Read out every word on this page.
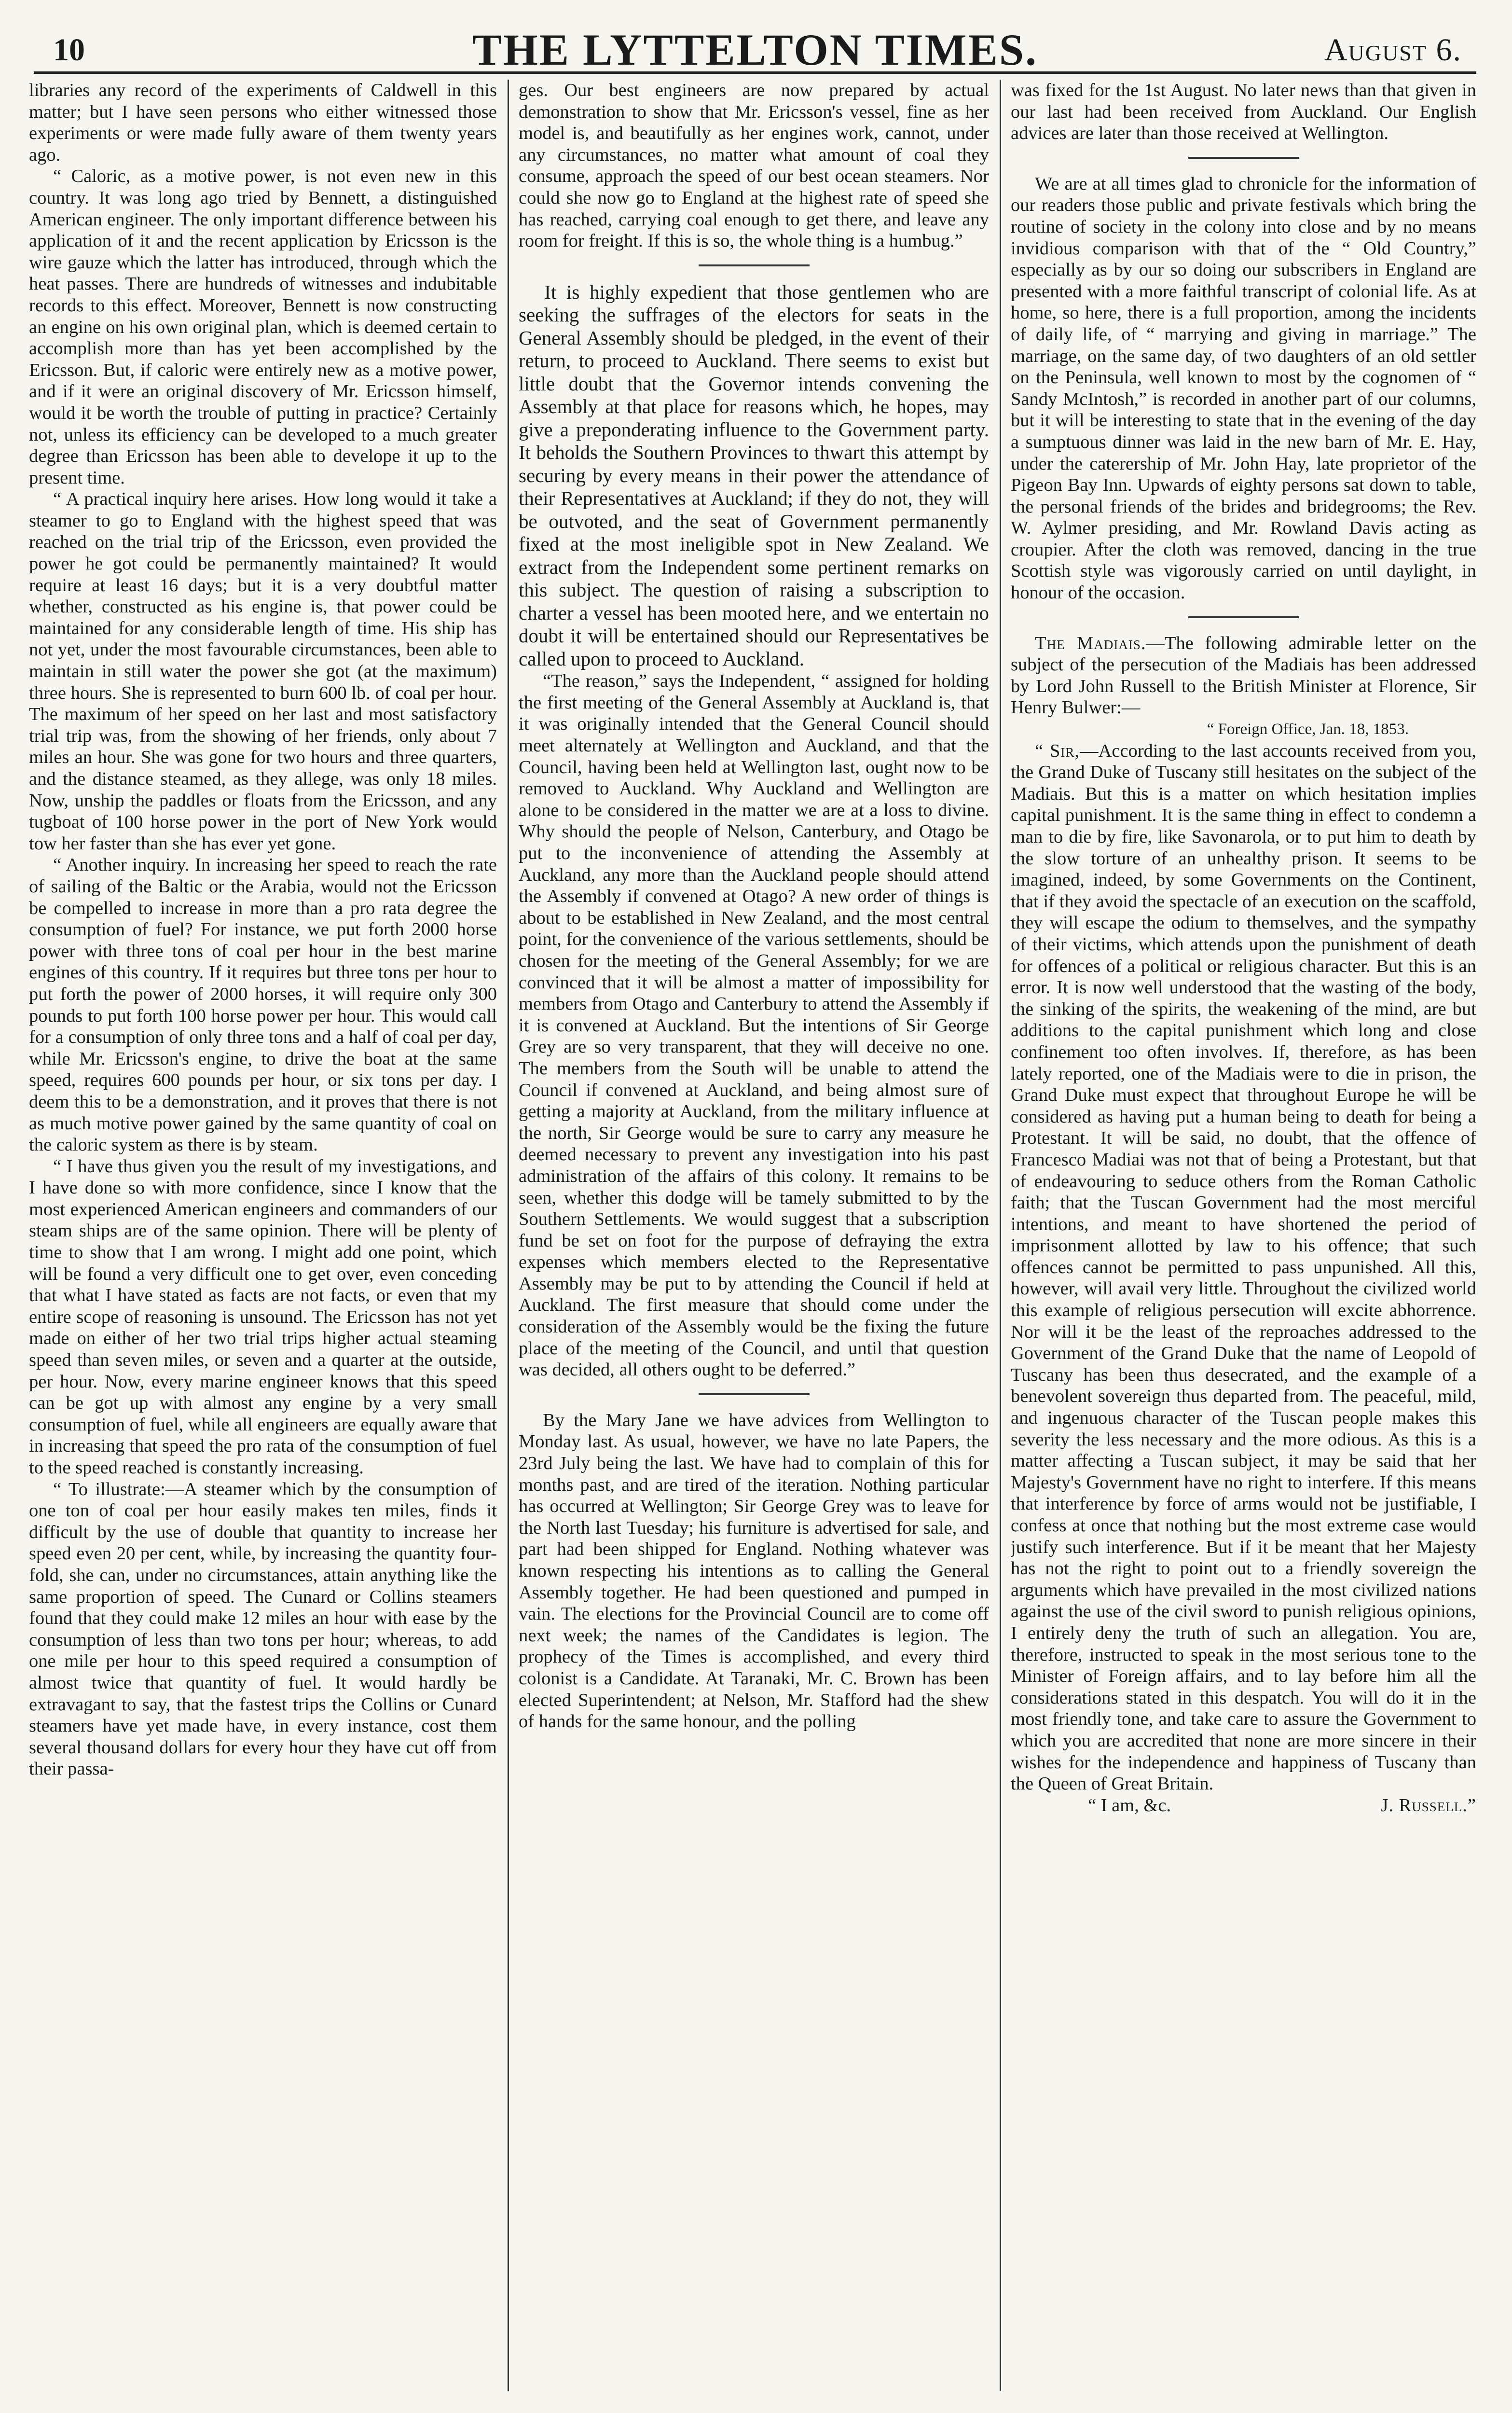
10	THE LYTTELTON TIMES.	August 6.

libraries any record of the experiments of Caldwell in this matter; but I have seen persons who either witnessed those experiments or were made fully aware of them twenty years ago.

“ Caloric, as a motive power, is not even new in this country. It was long ago tried by Bennett, a distinguished American engineer. The only important difference between his application of it and the recent application by Ericsson is the wire gauze which the latter has introduced, through which the heat passes. There are hundreds of witnesses and indubitable records to this effect. Moreover, Bennett is now constructing an engine on his own original plan, which is deemed certain to accomplish more than has yet been accomplished by the Ericsson. But, if caloric were entirely new as a motive power, and if it were an original discovery of Mr. Ericsson himself, would it be worth the trouble of putting in practice? Certainly not, unless its efficiency can be developed to a much greater degree than Ericsson has been able to develope it up to the present time.

“ A practical inquiry here arises. How long would it take a steamer to go to England with the highest speed that was reached on the trial trip of the Ericsson, even provided the power he got could be permanently maintained? It would require at least 16 days; but it is a very doubtful matter whether, constructed as his engine is, that power could be maintained for any considerable length of time. His ship has not yet, under the most favourable circumstances, been able to maintain in still water the power she got (at the maximum) three hours. She is represented to burn 600 lb. of coal per hour. The maximum of her speed on her last and most satisfactory trial trip was, from the showing of her friends, only about 7 miles an hour. She was gone for two hours and three quarters, and the distance steamed, as they allege, was only 18 miles. Now, unship the paddles or floats from the Ericsson, and any tugboat of 100 horse power in the port of New York would tow her faster than she has ever yet gone.

“ Another inquiry. In increasing her speed to reach the rate of sailing of the Baltic or the Arabia, would not the Ericsson be compelled to increase in more than a pro rata degree the consumption of fuel? For instance, we put forth 2000 horse power with three tons of coal per hour in the best marine engines of this country. If it requires but three tons per hour to put forth the power of 2000 horses, it will require only 300 pounds to put forth 100 horse power per hour. This would call for a consumption of only three tons and a half of coal per day, while Mr. Ericsson's engine, to drive the boat at the same speed, requires 600 pounds per hour, or six tons per day. I deem this to be a demonstration, and it proves that there is not as much motive power gained by the same quantity of coal on the caloric system as there is by steam.

“ I have thus given you the result of my investigations, and I have done so with more confidence, since I know that the most experienced American engineers and commanders of our steam ships are of the same opinion. There will be plenty of time to show that I am wrong. I might add one point, which will be found a very difficult one to get over, even conceding that what I have stated as facts are not facts, or even that my entire scope of reasoning is unsound. The Ericsson has not yet made on either of her two trial trips higher actual steaming speed than seven miles, or seven and a quarter at the outside, per hour. Now, every marine engineer knows that this speed can be got up with almost any engine by a very small consumption of fuel, while all engineers are equally aware that in increasing that speed the pro rata of the consumption of fuel to the speed reached is constantly increasing.

“ To illustrate:—A steamer which by the consumption of one ton of coal per hour easily makes ten miles, finds it difficult by the use of double that quantity to increase her speed even 20 per cent, while, by increasing the quantity four-fold, she can, under no circumstances, attain anything like the same proportion of speed. The Cunard or Collins steamers found that they could make 12 miles an hour with ease by the consumption of less than two tons per hour; whereas, to add one mile per hour to this speed required a consumption of almost twice that quantity of fuel. It would hardly be extravagant to say, that the fastest trips the Collins or Cunard steamers have yet made have, in every instance, cost them several thousand dollars for every hour they have cut off from their passa-

ges. Our best engineers are now prepared by actual demonstration to show that Mr. Ericsson's vessel, fine as her model is, and beautifully as her engines work, cannot, under any circumstances, no matter what amount of coal they consume, approach the speed of our best ocean steamers. Nor could she now go to England at the highest rate of speed she has reached, carrying coal enough to get there, and leave any room for freight. If this is so, the whole thing is a humbug.”

It is highly expedient that those gentlemen who are seeking the suffrages of the electors for seats in the General Assembly should be pledged, in the event of their return, to proceed to Auckland. There seems to exist but little doubt that the Governor intends convening the Assembly at that place for reasons which, he hopes, may give a preponderating influence to the Government party. It beholds the Southern Provinces to thwart this attempt by securing by every means in their power the attendance of their Representatives at Auckland; if they do not, they will be outvoted, and the seat of Government permanently fixed at the most ineligible spot in New Zealand. We extract from the Independent some pertinent remarks on this subject. The question of raising a subscription to charter a vessel has been mooted here, and we entertain no doubt it will be entertained should our Representatives be called upon to proceed to Auckland.

“The reason,” says the Independent, “ assigned for holding the first meeting of the General Assembly at Auckland is, that it was originally intended that the General Council should meet alternately at Wellington and Auckland, and that the Council, having been held at Wellington last, ought now to be removed to Auckland. Why Auckland and Wellington are alone to be considered in the matter we are at a loss to divine. Why should the people of Nelson, Canterbury, and Otago be put to the inconvenience of attending the Assembly at Auckland, any more than the Auckland people should attend the Assembly if convened at Otago? A new order of things is about to be established in New Zealand, and the most central point, for the convenience of the various settlements, should be chosen for the meeting of the General Assembly; for we are convinced that it will be almost a matter of impossibility for members from Otago and Canterbury to attend the Assembly if it is convened at Auckland. But the intentions of Sir George Grey are so very transparent, that they will deceive no one. The members from the South will be unable to attend the Council if convened at Auckland, and being almost sure of getting a majority at Auckland, from the military influence at the north, Sir George would be sure to carry any measure he deemed necessary to prevent any investigation into his past administration of the affairs of this colony. It remains to be seen, whether this dodge will be tamely submitted to by the Southern Settlements. We would suggest that a subscription fund be set on foot for the purpose of defraying the extra expenses which members elected to the Representative Assembly may be put to by attending the Council if held at Auckland. The first measure that should come under the consideration of the Assembly would be the fixing the future place of the meeting of the Council, and until that question was decided, all others ought to be deferred.”

By the Mary Jane we have advices from Wellington to Monday last. As usual, however, we have no late Papers, the 23rd July being the last. We have had to complain of this for months past, and are tired of the iteration. Nothing particular has occurred at Wellington; Sir George Grey was to leave for the North last Tuesday; his furniture is advertised for sale, and part had been shipped for England. Nothing whatever was known respecting his intentions as to calling the General Assembly together. He had been questioned and pumped in vain. The elections for the Provincial Council are to come off next week; the names of the Candidates is legion. The prophecy of the Times is accomplished, and every third colonist is a Candidate. At Taranaki, Mr. C. Brown has been elected Superintendent; at Nelson, Mr. Stafford had the shew of hands for the same honour, and the polling

was fixed for the 1st August. No later news than that given in our last had been received from Auckland. Our English advices are later than those received at Wellington.

We are at all times glad to chronicle for the information of our readers those public and private festivals which bring the routine of society in the colony into close and by no means invidious comparison with that of the “ Old Country,” especially as by our so doing our subscribers in England are presented with a more faithful transcript of colonial life. As at home, so here, there is a full proportion, among the incidents of daily life, of “ marrying and giving in marriage.” The marriage, on the same day, of two daughters of an old settler on the Peninsula, well known to most by the cognomen of “ Sandy McIntosh,” is recorded in another part of our columns, but it will be interesting to state that in the evening of the day a sumptuous dinner was laid in the new barn of Mr. E. Hay, under the caterership of Mr. John Hay, late proprietor of the Pigeon Bay Inn. Upwards of eighty persons sat down to table, the personal friends of the brides and bridegrooms; the Rev. W. Aylmer presiding, and Mr. Rowland Davis acting as croupier. After the cloth was removed, dancing in the true Scottish style was vigorously carried on until daylight, in honour of the occasion.

The Madiais.—The following admirable letter on the subject of the persecution of the Madiais has been addressed by Lord John Russell to the British Minister at Florence, Sir Henry Bulwer:—

“ Foreign Office, Jan. 18, 1853.

“ Sir,—According to the last accounts received from you, the Grand Duke of Tuscany still hesitates on the subject of the Madiais. But this is a matter on which hesitation implies capital punishment. It is the same thing in effect to condemn a man to die by fire, like Savonarola, or to put him to death by the slow torture of an unhealthy prison. It seems to be imagined, indeed, by some Governments on the Continent, that if they avoid the spectacle of an execution on the scaffold, they will escape the odium to themselves, and the sympathy of their victims, which attends upon the punishment of death for offences of a political or religious character. But this is an error. It is now well understood that the wasting of the body, the sinking of the spirits, the weakening of the mind, are but additions to the capital punishment which long and close confinement too often involves. If, therefore, as has been lately reported, one of the Madiais were to die in prison, the Grand Duke must expect that throughout Europe he will be considered as having put a human being to death for being a Protestant. It will be said, no doubt, that the offence of Francesco Madiai was not that of being a Protestant, but that of endeavouring to seduce others from the Roman Catholic faith; that the Tuscan Government had the most merciful intentions, and meant to have shortened the period of imprisonment allotted by law to his offence; that such offences cannot be permitted to pass unpunished. All this, however, will avail very little. Throughout the civilized world this example of religious persecution will excite abhorrence. Nor will it be the least of the reproaches addressed to the Government of the Grand Duke that the name of Leopold of Tuscany has been thus desecrated, and the example of a benevolent sovereign thus departed from. The peaceful, mild, and ingenuous character of the Tuscan people makes this severity the less necessary and the more odious. As this is a matter affecting a Tuscan subject, it may be said that her Majesty's Government have no right to interfere. If this means that interference by force of arms would not be justifiable, I confess at once that nothing but the most extreme case would justify such interference. But if it be meant that her Majesty has not the right to point out to a friendly sovereign the arguments which have prevailed in the most civilized nations against the use of the civil sword to punish religious opinions, I entirely deny the truth of such an allegation. You are, therefore, instructed to speak in the most serious tone to the Minister of Foreign affairs, and to lay before him all the considerations stated in this despatch. You will do it in the most friendly tone, and take care to assure the Government to which you are accredited that none are more sincere in their wishes for the independence and happiness of Tuscany than the Queen of Great Britain.

“ I am, &c.	J. Russell.”
